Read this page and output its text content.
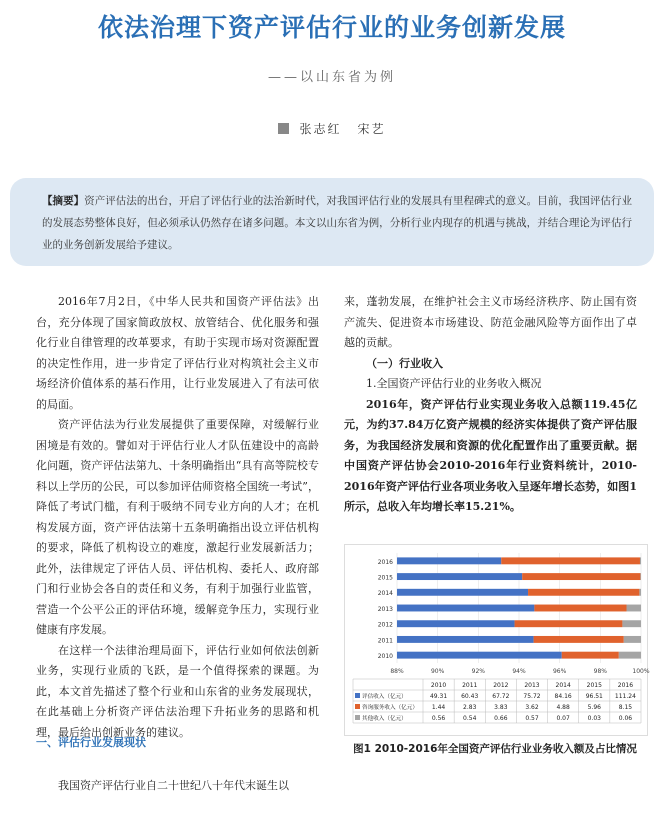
依法治理下资产评估行业的业务创新发展
——以山东省为例
张志红 宋艺

【摘要】资产评估法的出台，开启了评估行业的法治新时代，对我国评估行业的发展具有里程碑式的意义。目前，我国评估行业的发展态势整体良好，但必须承认仍然存在诸多问题。本文以山东省为例，分析行业内现存的机遇与挑战，并结合理论为评估行业的业务创新发展给予建议。

2016年7月2日，《中华人民共和国资产评估法》出台，充分体现了国家简政放权、放管结合、优化服务和强化行业自律管理的改革要求，有助于实现市场对资源配置的决定性作用，进一步肯定了评估行业对构筑社会主义市场经济价值体系的基石作用，让行业发展进入了有法可依的局面。

资产评估法为行业发展提供了重要保障，对缓解行业困境是有效的。譬如对于评估行业人才队伍建设中的高龄化问题，资产评估法第九、十条明确指出“具有高等院校专科以上学历的公民，可以参加评估师资格全国统一考试”，降低了考试门槛，有利于吸纳不同专业方向的人才；在机构发展方面，资产评估法第十五条明确指出设立评估机构的要求，降低了机构设立的难度，激起行业发展新活力；此外，法律规定了评估人员、评估机构、委托人、政府部门和行业协会各自的责任和义务，有利于加强行业监管，营造一个公平公正的评估环境，缓解竞争压力，实现行业健康有序发展。

在这样一个法律治理局面下，评估行业如何依法创新业务，实现行业质的飞跃，是一个值得探索的课题。为此，本文首先描述了整个行业和山东省的业务发展现状，在此基础上分析资产评估法治理下升拓业务的思路和机理，最后给出创新业务的建议。

一、评估行业发展现状

我国资产评估行业自二十世纪八十年代末诞生以

来，蓬勃发展，在维护社会主义市场经济秩序、防止国有资产流失、促进资本市场建设、防范金融风险等方面作出了卓越的贡献。

（一）行业收入

1.全国资产评估行业的业务收入概况

2016年，资产评估行业实现业务收入总额119.45亿元，为约37.84万亿资产规模的经济实体提供了资产评估服务，为我国经济发展和资源的优化配置作出了重要贡献。据中国资产评估协会2010-2016年行业资料统计，2010-2016年资产评估行业各项业务收入呈逐年增长态势，如图1所示，总收入年均增长率15.21%。

88%	90%	92%	94%	96%	98%	100%
2016
2015
2014
2013
2012
2011
2010
2010	2011	2012	2013	2014	2015	2016
评估收入（亿元）	49.31 60.43 67.72 75.72 84.16 96.51 111.24
咨询服务收入（亿元） 1.44	2.83	3.83	3.62	4.88	5.96	8.15
其他收入（亿元）	0.56	0.54	0.66	0.57	0.07	0.03	0.06
图1 2010-2016年全国资产评估行业业务收入额及占比情况
